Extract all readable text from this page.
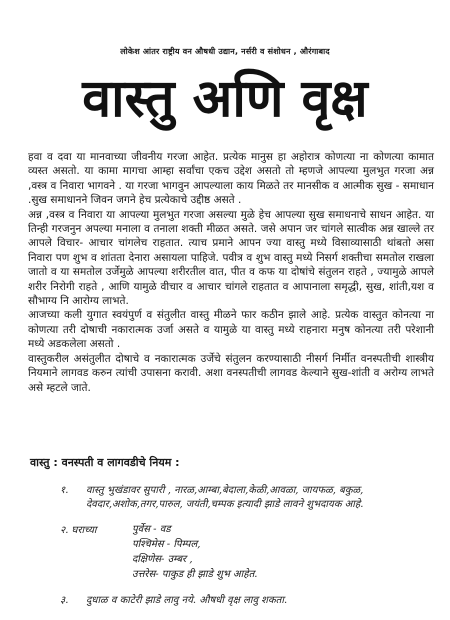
लोकेश आंतर राष्ट्रीय वन औषधी उद्यान, नर्सरी व संशोधन , औरंगाबाद
वास्तु अणि वृक्ष

हवा व दवा या मानवाच्या जीवनीय गरजा आहेत. प्रत्येक मानुस हा अहोरात्र कोणत्या ना कोणत्या कामात व्यस्त असतो. या कामा मागचा आम्हा सर्वांचा एकच उद्देश असतो तो म्हणजे आपल्या मुलभुत गरजा अन्न ,वस्त्र व निवारा भागवने . या गरजा भागवुन आपल्याला काय मिळते तर मानसीक व आत्मीक सुख - समाधान .सुख समाधानने जिवन जगने हेच प्रत्येकाचे उद्दीष्ठ असते .

अन्न ,वस्त्र व निवारा या आपल्या मुलभुत गरजा असल्या मुळे हेच आपल्या सुख समाधनाचे साधन आहेत. या तिन्ही गरजनुन अपल्या मनाला व तनाला शक्ती मीळत असते. जसे अपान जर चांगले सात्वीक अन्न खाल्ले तर आपले विचार- आचार चांगलेच राहतात. त्याच प्रमाने आपन ज्या वास्तु मध्ये विसाव्यासाठी थांबतो असा निवारा पण शुभ व शांतता देनारा असायला पाहिजे. पवीत्र व शुभ वास्तु मध्ये निसर्ग शक्तीचा समतोल राखला जातो व या समतोल उर्जेमुळे आपल्या शरीरतील वात, पीत व कफ या दोषांचे संतुलन राहते , ज्यामुळे आपले शरीर निरोगी राहते , आणि यामुळे वीचार व आचार चांगले राहतात व आपानाला समृद्धी, सुख, शांती,यश व सौभाग्य नि आरोग्य लाभते.

आजच्या कली युगात स्वयंपुर्ण व संतुलीत वास्तु मीळने फार कठीन झाले आहे. प्रत्येक वास्तुत कोनत्या ना कोणत्या तरी दोषाची नकारात्मक उर्जा असते व यामुळे या वास्तु मध्ये राहनारा मनुष कोनत्या तरी परेशानी मध्ये अडकलेला असतो .

वास्तुकरील असंतुलीत दोषाचे व नकारात्मक उर्जेचे संतुलन करण्यासाठी नीसर्ग निर्मीत वनस्पतीची शास्त्रीय नियमाने लागवड करुन त्यांची उपासना करावी. अशा वनस्पतीची लागवड केल्याने सुख-शांती व अरोग्य लाभते असे म्हटले जाते.

वास्तु : वनस्पती व लागवडीचे नियम :
१.	वास्तु भुखंडावर सुपारी , नारळ,आम्बा,बेदाला,केळी,आवळा, जायफळ, बकुळ,
देवदार,अशोक,तगर,पारुल, जयंती,चम्पक इत्यादी झाडे लावने शुभदायक आहे.
२. घराच्या	पुर्वेस - वड
पश्चिमेस - पिम्पल,
दक्षिणेस- उम्बर ,
उत्तरेस- पाकुड ही झाडे शुभ आहेत.
३.	दुधाळ व काटेरी झाडे लावु नये. औषधी वृक्ष लावु शकता.
